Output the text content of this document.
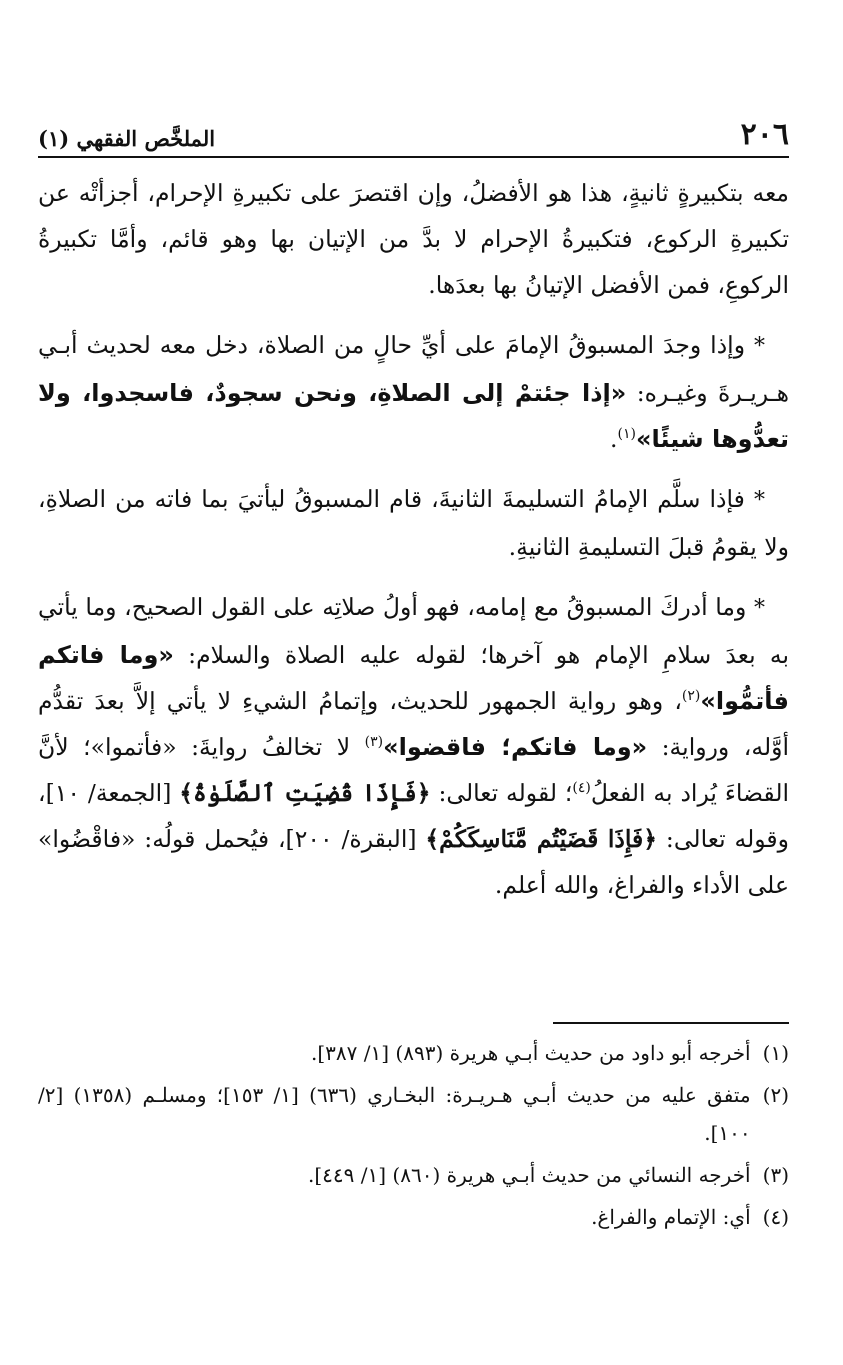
٢٠٦
الملخَّص الفقهي (١)

معه بتكبيرةٍ ثانيةٍ، هذا هو الأفضلُ، وإن اقتصرَ على تكبيرةِ الإحرام، أجزأتْه عن تكبيرةِ الركوع، فتكبيرةُ الإحرام لا بدَّ من الإتيان بها وهو قائم، وأمَّا تكبيرةُ الركوعِ، فمن الأفضل الإتيانُ بها بعدَها.

* وإذا وجدَ المسبوقُ الإمامَ على أيِّ حالٍ من الصلاة، دخل معه لحديث أبـي هـريـرةَ وغيـره: «إذا جئتمْ إلى الصلاةِ، ونحن سجودٌ، فاسجدوا، ولا تعدُّوها شيئًا»$^{(١)}$.

* فإذا سلَّم الإمامُ التسليمةَ الثانيةَ، قام المسبوقُ ليأتيَ بما فاته من الصلاةِ، ولا يقومُ قبلَ التسليمةِ الثانيةِ.

* وما أدركَ المسبوقُ مع إمامه، فهو أولُ صلاتِه على القول الصحيح، وما يأتي به بعدَ سلامِ الإمام هو آخرها؛ لقوله عليه الصلاة والسلام: «وما فاتكم فأتمُّوا»$^{(٢)}$، وهو رواية الجمهور للحديث، وإتمامُ الشيءِ لا يأتي إلاَّ بعدَ تقدُّم أوَّله، ورواية: «وما فاتكم؛ فاقضوا»$^{(٣)}$ لا تخالفُ روايةَ: «فأتموا»؛ لأنَّ القضاءَ يُراد به الفعلُ$^{(٤)}$؛ لقوله تعالى: ﴿فَإِذَا قُضِيَتِ ٱلصَّلَوٰةُ﴾ [الجمعة/ ١٠]، وقوله تعالى: ﴿فَإِذَا قَضَيْتُم مَّنَاسِكَكُمْ﴾ [البقرة/ ٢٠٠]، فيُحمل قولُه: «فاقْضُوا» على الأداء والفراغ، والله أعلم.

(١)
أخرجه أبو داود من حديث أبـي هريرة (٨٩٣) [١/ ٣٨٧].
(٢)
متفق عليه من حديث أبـي هـريـرة: البخـاري (٦٣٦) [١/ ١٥٣]؛ ومسلـم (١٣٥٨) [٢/ ١٠٠].
(٣)
أخرجه النسائي من حديث أبـي هريرة (٨٦٠) [١/ ٤٤٩].
(٤)
أي: الإتمام والفراغ.
